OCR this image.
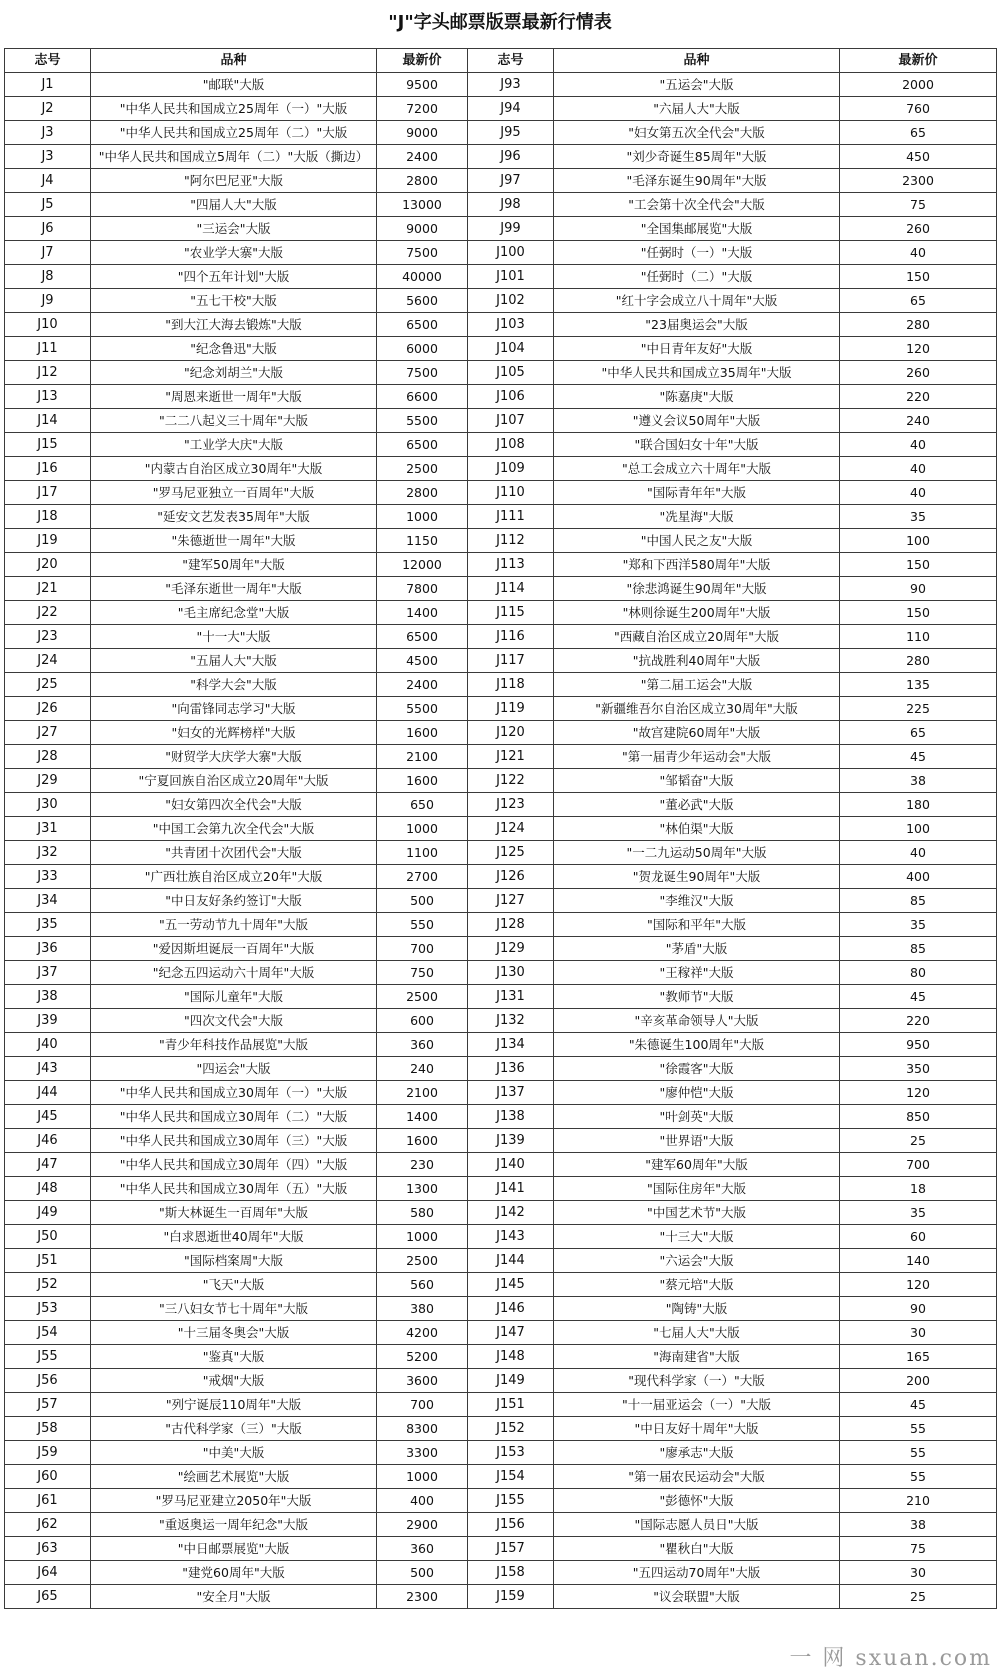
"J"字头邮票版票最新行情表
志号	品种	最新价	志号	品种	最新价
J1	"邮联"大版	9500	J93	"五运会"大版	2000
J2	"中华人民共和国成立25周年（一）"大版	7200	J94	"六届人大"大版	760
J3	"中华人民共和国成立25周年（二）"大版	9000	J95	"妇女第五次全代会"大版	65
J3	"中华人民共和国成立5周年（二）"大版（撕边）	2400	J96	"刘少奇诞生85周年"大版	450
J4	"阿尔巴尼亚"大版	2800	J97	"毛泽东诞生90周年"大版	2300
J5	"四届人大"大版	13000	J98	"工会第十次全代会"大版	75
J6	"三运会"大版	9000	J99	"全国集邮展览"大版	260
J7	"农业学大寨"大版	7500	J100	"任弼时（一）"大版	40
J8	"四个五年计划"大版	40000	J101	"任弼时（二）"大版	150
J9	"五七干校"大版	5600	J102	"红十字会成立八十周年"大版	65
J10	"到大江大海去锻炼"大版	6500	J103	"23届奥运会"大版	280
J11	"纪念鲁迅"大版	6000	J104	"中日青年友好"大版	120
J12	"纪念刘胡兰"大版	7500	J105	"中华人民共和国成立35周年"大版	260
J13	"周恩来逝世一周年"大版	6600	J106	"陈嘉庚"大版	220
J14	"二二八起义三十周年"大版	5500	J107	"遵义会议50周年"大版	240
J15	"工业学大庆"大版	6500	J108	"联合国妇女十年"大版	40
J16	"内蒙古自治区成立30周年"大版	2500	J109	"总工会成立六十周年"大版	40
J17	"罗马尼亚独立一百周年"大版	2800	J110	"国际青年年"大版	40
J18	"延安文艺发表35周年"大版	1000	J111	"冼星海"大版	35
J19	"朱德逝世一周年"大版	1150	J112	"中国人民之友"大版	100
J20	"建军50周年"大版	12000	J113	"郑和下西洋580周年"大版	150
J21	"毛泽东逝世一周年"大版	7800	J114	"徐悲鸿诞生90周年"大版	90
J22	"毛主席纪念堂"大版	1400	J115	"林则徐诞生200周年"大版	150
J23	"十一大"大版	6500	J116	"西藏自治区成立20周年"大版	110
J24	"五届人大"大版	4500	J117	"抗战胜利40周年"大版	280
J25	"科学大会"大版	2400	J118	"第二届工运会"大版	135
J26	"向雷锋同志学习"大版	5500	J119	"新疆维吾尔自治区成立30周年"大版	225
J27	"妇女的光辉榜样"大版	1600	J120	"故宫建院60周年"大版	65
J28	"财贸学大庆学大寨"大版	2100	J121	"第一届青少年运动会"大版	45
J29	"宁夏回族自治区成立20周年"大版	1600	J122	"邹韬奋"大版	38
J30	"妇女第四次全代会"大版	650	J123	"董必武"大版	180
J31	"中国工会第九次全代会"大版	1000	J124	"林伯渠"大版	100
J32	"共青团十次团代会"大版	1100	J125	"一二九运动50周年"大版	40
J33	"广西壮族自治区成立20年"大版	2700	J126	"贺龙诞生90周年"大版	400
J34	"中日友好条约签订"大版	500	J127	"李维汉"大版	85
J35	"五一劳动节九十周年"大版	550	J128	"国际和平年"大版	35
J36	"爱因斯坦诞辰一百周年"大版	700	J129	"茅盾"大版	85
J37	"纪念五四运动六十周年"大版	750	J130	"王稼祥"大版	80
J38	"国际儿童年"大版	2500	J131	"教师节"大版	45
J39	"四次文代会"大版	600	J132	"辛亥革命领导人"大版	220
J40	"青少年科技作品展览"大版	360	J134	"朱德诞生100周年"大版	950
J43	"四运会"大版	240	J136	"徐霞客"大版	350
J44	"中华人民共和国成立30周年（一）"大版	2100	J137	"廖仲恺"大版	120
J45	"中华人民共和国成立30周年（二）"大版	1400	J138	"叶剑英"大版	850
J46	"中华人民共和国成立30周年（三）"大版	1600	J139	"世界语"大版	25
J47	"中华人民共和国成立30周年（四）"大版	230	J140	"建军60周年"大版	700
J48	"中华人民共和国成立30周年（五）"大版	1300	J141	"国际住房年"大版	18
J49	"斯大林诞生一百周年"大版	580	J142	"中国艺术节"大版	35
J50	"白求恩逝世40周年"大版	1000	J143	"十三大"大版	60
J51	"国际档案周"大版	2500	J144	"六运会"大版	140
J52	"飞天"大版	560	J145	"蔡元培"大版	120
J53	"三八妇女节七十周年"大版	380	J146	"陶铸"大版	90
J54	"十三届冬奥会"大版	4200	J147	"七届人大"大版	30
J55	"鉴真"大版	5200	J148	"海南建省"大版	165
J56	"戒烟"大版	3600	J149	"现代科学家（一）"大版	200
J57	"列宁诞辰110周年"大版	700	J151	"十一届亚运会（一）"大版	45
J58	"古代科学家（三）"大版	8300	J152	"中日友好十周年"大版	55
J59	"中美"大版	3300	J153	"廖承志"大版	55
J60	"绘画艺术展览"大版	1000	J154	"第一届农民运动会"大版	55
J61	"罗马尼亚建立2050年"大版	400	J155	"彭德怀"大版	210
J62	"重返奥运一周年纪念"大版	2900	J156	"国际志愿人员日"大版	38
J63	"中日邮票展览"大版	360	J157	"瞿秋白"大版	75
J64	"建党60周年"大版	500	J158	"五四运动70周年"大版	30
J65	"安全月"大版	2300	J159	"议会联盟"大版	25
一 网 sxuan.com
